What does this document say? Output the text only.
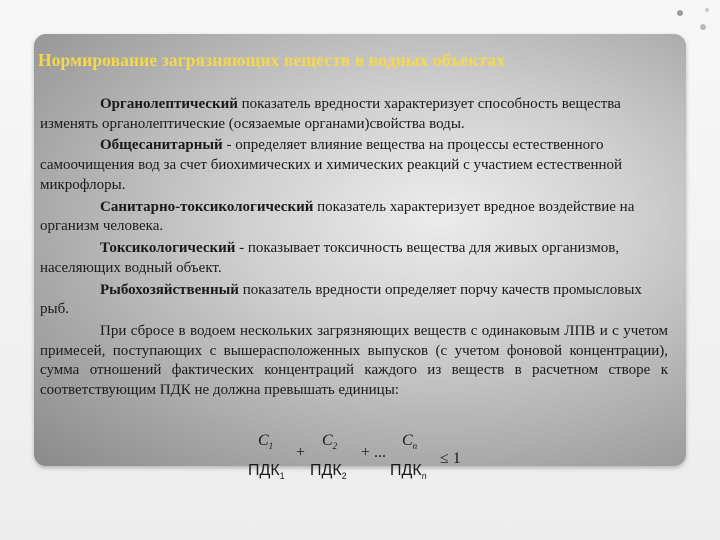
Нормирование загрязняющих веществ в водных объектах

Органолептический показатель вредности характеризует способность вещества изменять органолептические (осязаемые органами)свойства воды.

Общесанитарный - определяет влияние вещества на процессы естественного самоочищения вод за счет биохимических и химических реакций с участием естественной микрофлоры.

Санитарно-токсикологический показатель характеризует вредное воздействие на организм человека.

Токсикологический - показывает токсичность вещества для живых организмов, населяющих водный объект.

Рыбохозяйственный показатель вредности определяет порчу качеств промысловых рыб.

При сбросе в водоем нескольких загрязняющих веществ с одинаковым ЛПВ и с учетом примесей, поступающих с вышерасположенных выпусков (с учетом фоновой концентрации), сумма отношений фактических концентраций каждого из веществ в расчетном створе к соответствующим ПДК не должна превышать единицы:

$C_1$ +
$C_2$ + ...
$C_n$
≤ 1
$ПДК_1$ $ПДК_2$	$ПДК_n$
